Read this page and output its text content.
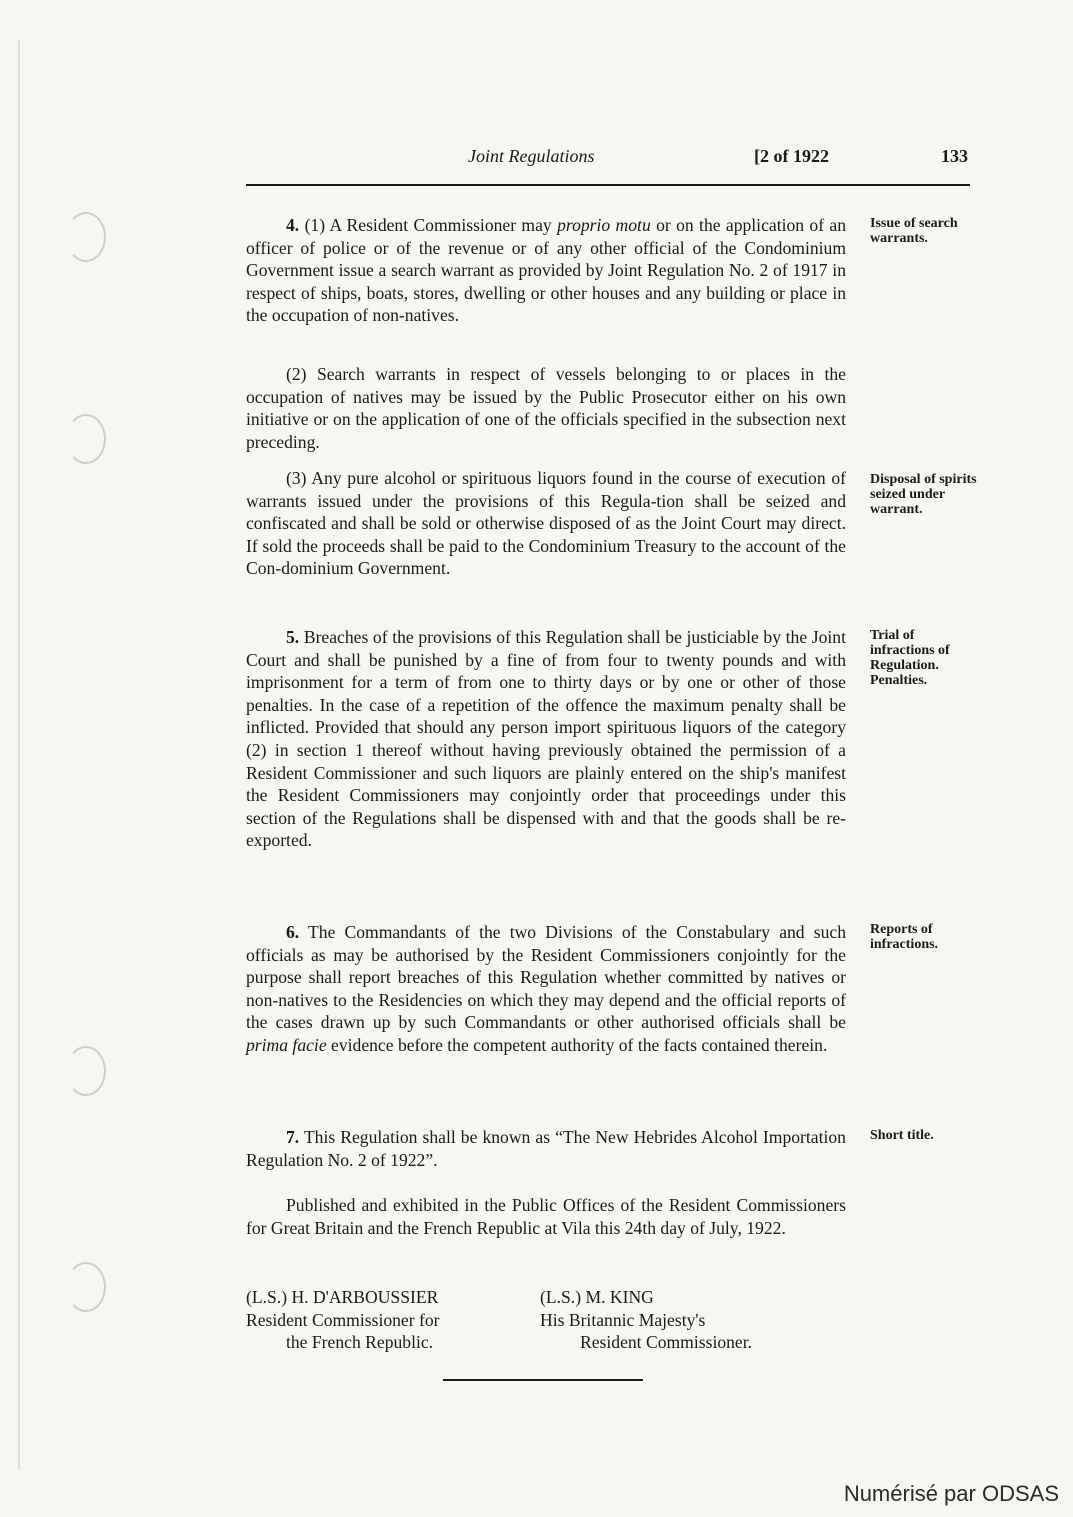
Joint Regulations	[2 of 1922	133
4. (1) A Resident Commissioner may proprio motu or on the application of an officer of police or of the revenue or of any other official of the Condominium Government issue a search warrant as provided by Joint Regulation No. 2 of 1917 in respect of ships, boats, stores, dwelling or other houses and any building or place in the occupation of non-natives.
(2) Search warrants in respect of vessels belonging to or places in the occupation of natives may be issued by the Public Prosecutor either on his own initiative or on the application of one of the officials specified in the subsection next preceding.
(3) Any pure alcohol or spirituous liquors found in the course of execution of warrants issued under the provisions of this Regula-tion shall be seized and confiscated and shall be sold or otherwise disposed of as the Joint Court may direct. If sold the proceeds shall be paid to the Condominium Treasury to the account of the Con-dominium Government.
5. Breaches of the provisions of this Regulation shall be justiciable by the Joint Court and shall be punished by a fine of from four to twenty pounds and with imprisonment for a term of from one to thirty days or by one or other of those penalties. In the case of a repetition of the offence the maximum penalty shall be inflicted. Provided that should any person import spirituous liquors of the category (2) in section 1 thereof without having previously obtained the permission of a Resident Commissioner and such liquors are plainly entered on the ship's manifest the Resident Commissioners may conjointly order that proceedings under this section of the Regulations shall be dispensed with and that the goods shall be re-exported.
6. The Commandants of the two Divisions of the Constabulary and such officials as may be authorised by the Resident Commissioners conjointly for the purpose shall report breaches of this Regulation whether committed by natives or non-natives to the Residencies on which they may depend and the official reports of the cases drawn up by such Commandants or other authorised officials shall be prima facie evidence before the competent authority of the facts contained therein.
7. This Regulation shall be known as “The New Hebrides Alcohol Importation Regulation No. 2 of 1922”.
Published and exhibited in the Public Offices of the Resident Commissioners for Great Britain and the French Republic at Vila this 24th day of July, 1922.
Issue of search warrants.
Disposal of spirits seized under warrant.
Trial of infractions of Regulation. Penalties.
Reports of infractions.
Short title.
(L.S.) H. D'ARBOUSSIER
Resident Commissioner for
the French Republic.
(L.S.) M. KING
His Britannic Majesty's
Resident Commissioner.
Numérisé par ODSAS
